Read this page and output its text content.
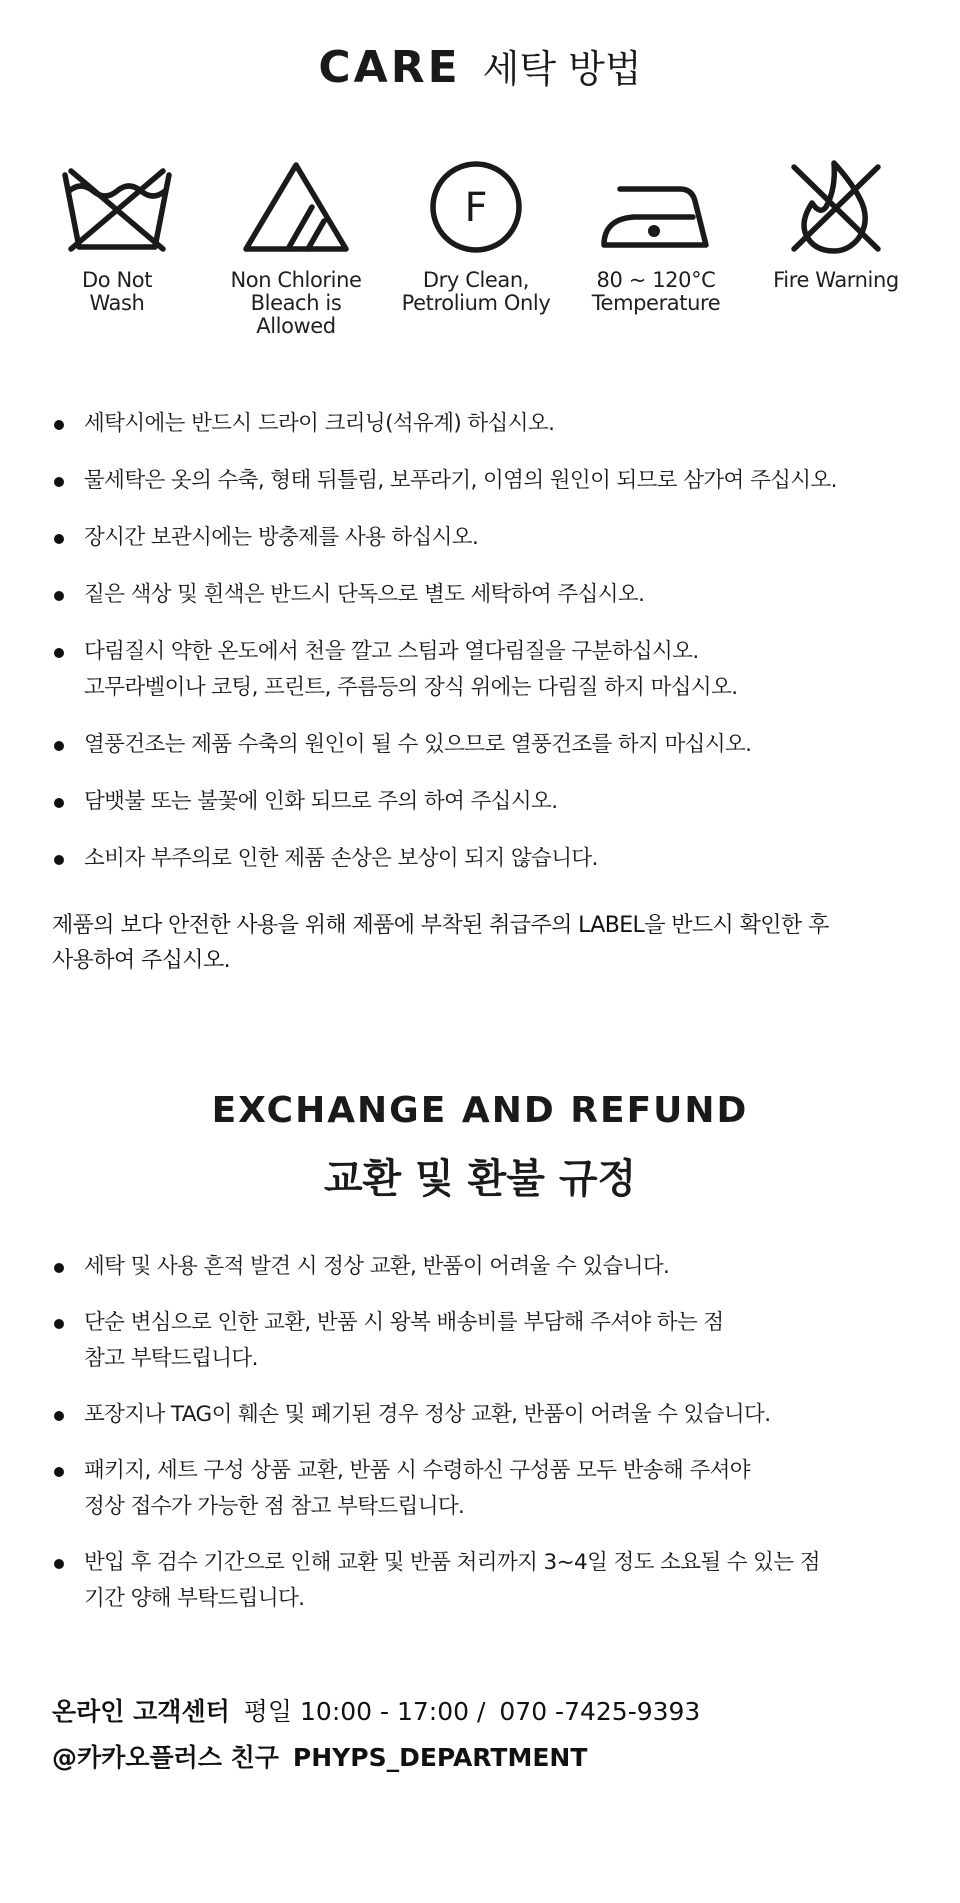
CARE 세탁 방법
Do Not
Wash
Non Chlorine
Bleach is
Allowed
F
Dry Clean,
Petrolium Only
80 ~ 120°C
Temperature
Fire Warning
세탁시에는 반드시 드라이 크리닝(석유계) 하십시오.
물세탁은 옷의 수축, 형태 뒤틀림, 보푸라기, 이염의 원인이 되므로 삼가여 주십시오.
장시간 보관시에는 방충제를 사용 하십시오.
짙은 색상 및 흰색은 반드시 단독으로 별도 세탁하여 주십시오.
다림질시 약한 온도에서 천을 깔고 스팀과 열다림질을 구분하십시오.
고무라벨이나 코팅, 프린트, 주름등의 장식 위에는 다림질 하지 마십시오.
열풍건조는 제품 수축의 원인이 될 수 있으므로 열풍건조를 하지 마십시오.
담뱃불 또는 불꽃에 인화 되므로 주의 하여 주십시오.
소비자 부주의로 인한 제품 손상은 보상이 되지 않습니다.
제품의 보다 안전한 사용을 위해 제품에 부착된 취급주의 LABEL을 반드시 확인한 후
사용하여 주십시오.
EXCHANGE AND REFUND
교환 및 환불 규정
세탁 및 사용 흔적 발견 시 정상 교환, 반품이 어려울 수 있습니다.
단순 변심으로 인한 교환, 반품 시 왕복 배송비를 부담해 주셔야 하는 점
참고 부탁드립니다.
포장지나 TAG이 훼손 및 폐기된 경우 정상 교환, 반품이 어려울 수 있습니다.
패키지, 세트 구성 상품 교환, 반품 시 수령하신 구성품 모두 반송해 주셔야
정상 접수가 가능한 점 참고 부탁드립니다.
반입 후 검수 기간으로 인해 교환 및 반품 처리까지 3~4일 정도 소요될 수 있는 점
기간 양해 부탁드립니다.
온라인 고객센터 평일 10:00 - 17:00 / 070 -7425-9393
@카카오플러스 친구 PHYPS_DEPARTMENT
